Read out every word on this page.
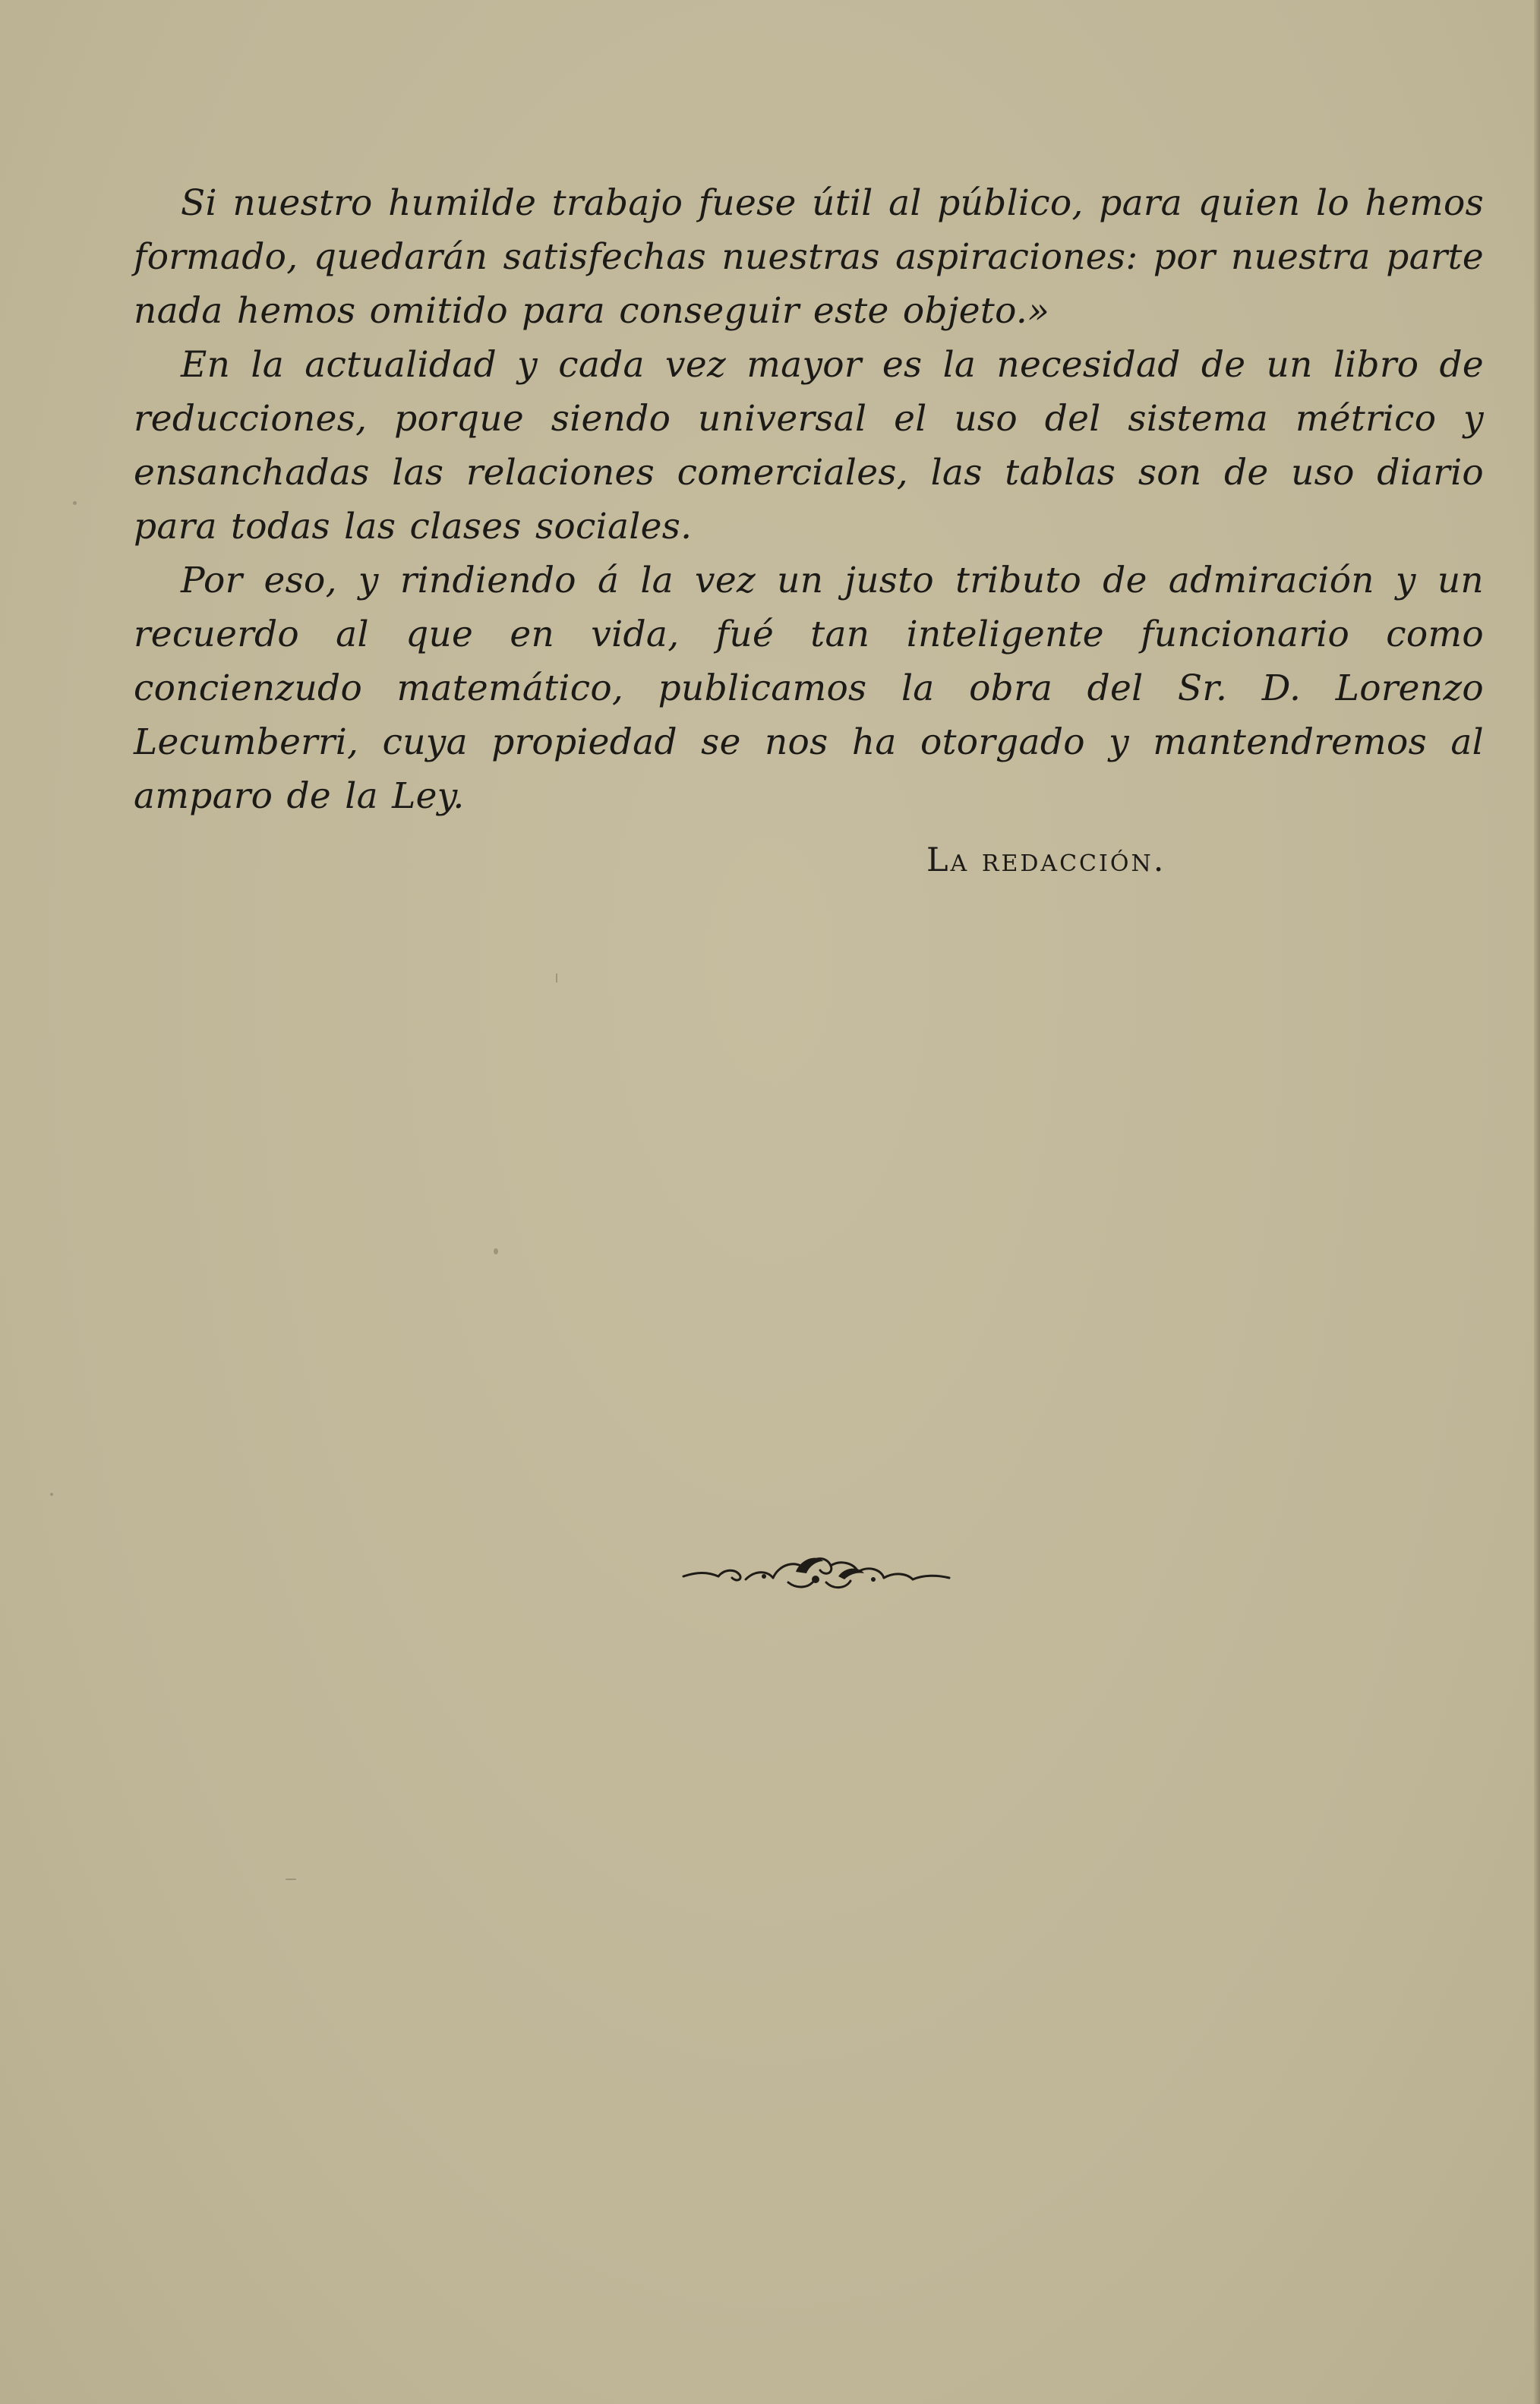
Si nuestro humilde trabajo fuese útil al público, para quien lo hemos formado, quedarán satisfechas nuestras aspiraciones: por nuestra parte nada hemos omitido para conseguir este objeto.»

En la actualidad y cada vez mayor es la necesidad de un libro de reducciones, porque siendo universal el uso del sistema métrico y ensanchadas las relaciones comerciales, las tablas son de uso diario para todas las clases sociales.

Por eso, y rindiendo á la vez un justo tributo de admiración y un recuerdo al que en vida, fué tan inteligente funcionario como concienzudo matemático, publicamos la obra del Sr. D. Lorenzo Lecumberri, cuya propiedad se nos ha otorgado y mantendremos al amparo de la Ley.

La redacción.
